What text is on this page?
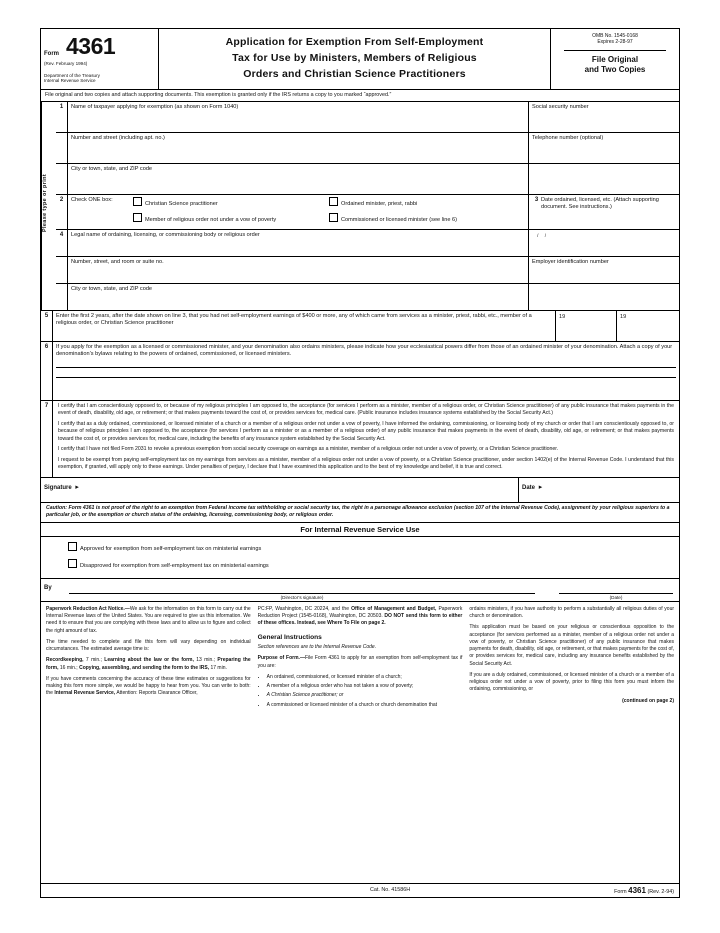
Form 4361
(Rev. February 1994)
Department of the Treasury
Internal Revenue Service
Application for Exemption From Self-Employment
Tax for Use by Ministers, Members of Religious
Orders and Christian Science Practitioners
OMB No. 1545-0168
Expires 2-28-97
File Original
and Two Copies
File original and two copies and attach supporting documents. This exemption is granted only if the IRS returns a copy to you marked “approved.”
Please type or print
1	Name of taxpayer applying for exemption (as shown on Form 1040)	Social security number

Number and street (including apt. no.)	Telephone number (optional)

City or town, state, and ZIP code

2	Check ONE box:
Christian Science practitioner	Ordained minister, priest, rabbi
Member of religious order not under a vow of poverty	Commissioned or licensed minister (see line 6)
3 Date ordained, licensed, etc. (Attach supporting document. See instructions.)
4	Legal name of ordaining, licensing, or commissioning body or religious order	/     /

Number, street, and room or suite no.	Employer identification number

City or town, state, and ZIP code

5	Enter the first 2 years, after the date shown on line 3, that you had net self-employment earnings of $400 or more, any of which came from services as a minister, priest, rabbi, etc., member of a religious order, or Christian Science practitioner
19	19
6	If you apply for the exemption as a licensed or commissioned minister, and your denomination also ordains ministers, please indicate how your ecclesiastical powers differ from those of an ordained minister of your denomination. Attach a copy of your denomination’s bylaws relating to the powers of ordained, commissioned, or licensed ministers.
7	I certify that I am conscientiously opposed to, or because of my religious principles I am opposed to, the acceptance (for services I perform as a minister, member of a religious order, or Christian Science practitioner) of any public insurance that makes payments in the event of death, disability, old age, or retirement; or that makes payments toward the cost of, or provides services for, medical care. (Public insurance includes insurance systems established by the Social Security Act.)

I certify that as a duly ordained, commissioned, or licensed minister of a church or a member of a religious order not under a vow of poverty, I have informed the ordaining, commissioning, or licensing body of my church or order that I am conscientiously opposed to, or because of religious principles I am opposed to, the acceptance (for services I perform as a minister or as a member of a religious order) of any public insurance that makes payments in the event of death, disability, old age, or retirement; or that makes payments toward the cost of, or provides services for, medical care, including the benefits of any insurance system established by the Social Security Act.

I certify that I have not filed Form 2031 to revoke a previous exemption from social security coverage on earnings as a minister, member of a religious order not under a vow of poverty, or a Christian Science practitioner.

I request to be exempt from paying self-employment tax on my earnings from services as a minister, member of a religious order not under a vow of poverty, or a Christian Science practitioner, under section 1402(e) of the Internal Revenue Code. I understand that this exemption, if granted, will apply only to these earnings. Under penalties of perjury, I declare that I have examined this application and to the best of my knowledge and belief, it is true and correct.

Signature  ▸	Date  ▸
Caution: Form 4361 is not proof of the right to an exemption from Federal income tax withholding or social security tax, the right in a parsonage allowance exclusion (section 107 of the Internal Revenue Code), assignment by your religious superiors to a particular job, or the exemption or church status of the ordaining, licensing, commissioning body, or religious order.
For Internal Revenue Service Use
Approved for exemption from self-employment tax on ministerial earnings
Disapproved for exemption from self-employment tax on ministerial earnings
By
(Director’s signature)	(Date)

Paperwork Reduction Act Notice.—We ask for the information on this form to carry out the Internal Revenue laws of the United States. You are required to give us this information. We need it to ensure that you are complying with these laws and to allow us to figure and collect the right amount of tax.

The time needed to complete and file this form will vary depending on individual circumstances. The estimated average time is:

Recordkeeping, 7 min.; Learning about the law or the form, 13 min.; Preparing the form, 16 min.; Copying, assembling, and sending the form to the IRS, 17 min.

If you have comments concerning the accuracy of these time estimates or suggestions for making this form more simple, we would be happy to hear from you. You can write to both: the Internal Revenue Service, Attention: Reports Clearance Officer,

PC:FP, Washington, DC 20224, and the Office of Management and Budget, Paperwork Reduction Project (1545-0168), Washington, DC 20503. DO NOT send this form to either of these offices. Instead, see Where To File on page 2.

General Instructions

Section references are to the Internal Revenue Code.

Purpose of Form.—File Form 4361 to apply for an exemption from self-employment tax if you are:

• An ordained, commissioned, or licensed minister of a church;
• A member of a religious order who has not taken a vow of poverty;
• A Christian Science practitioner; or
• A commissioned or licensed minister of a church or church denomination that

ordains ministers, if you have authority to perform a substantially all religious duties of your church or denomination.

This application must be based on your religious or conscientious opposition to the acceptance (for services performed as a minister, member of a religious order not under a vow of poverty, or Christian Science practitioner) of any public insurance that makes payments for death, disability, old age, or retirement, or that makes payments for the cost of, or provides services for, medical care, including any insurance benefits established by the Social Security Act.

If you are a duly ordained, commissioned, or licensed minister of a church or a member of a religious order not under a vow of poverty, prior to filing this form you must inform the ordaining, commissioning, or

(continued on page 2)

Cat. No. 41586H	Form 4361 (Rev. 2-94)
